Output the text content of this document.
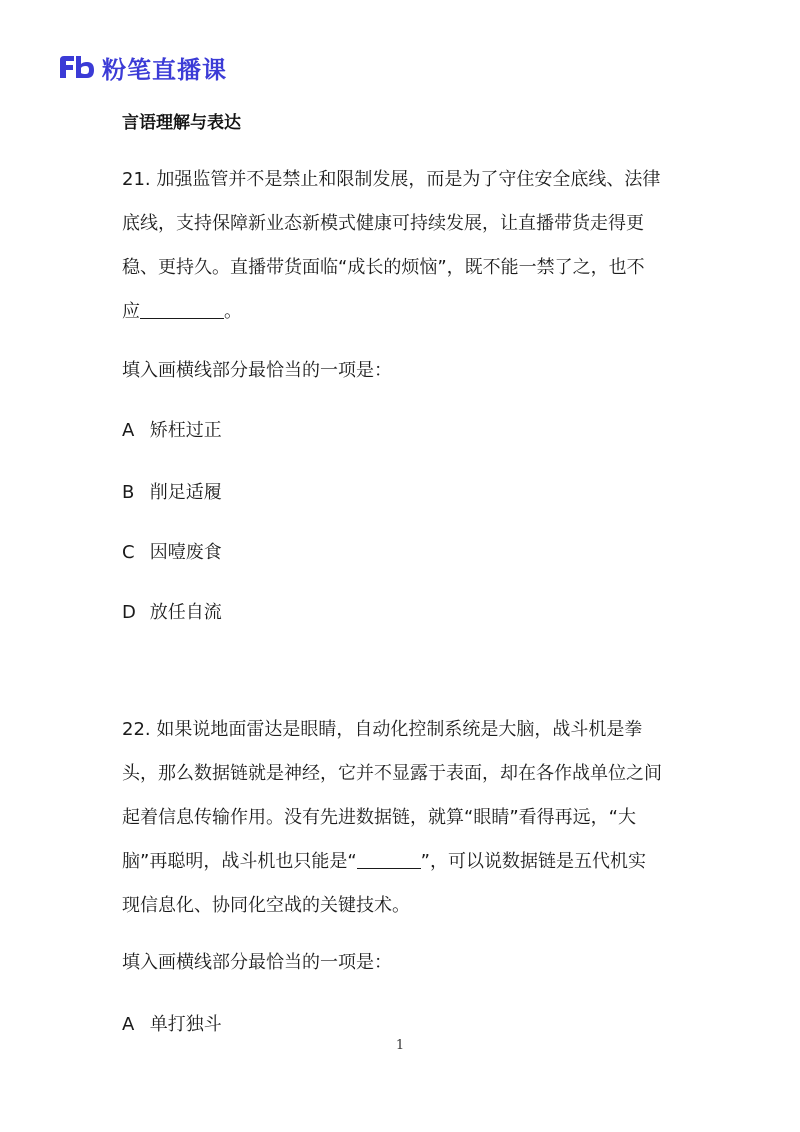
粉笔直播课
言语理解与表达

21. 加强监管并不是禁止和限制发展，而是为了守住安全底线、法律
底线，支持保障新业态新模式健康可持续发展，让直播带货走得更
稳、更持久。直播带货面临“成长的烦恼”，既不能一禁了之，也不
应	。

填入画横线部分最恰当的一项是：
A 矫枉过正
B 削足适履
C 因噎废食
D 放任自流

22. 如果说地面雷达是眼睛，自动化控制系统是大脑，战斗机是拳
头，那么数据链就是神经，它并不显露于表面，却在各作战单位之间
起着信息传输作用。没有先进数据链，就算“眼睛”看得再远，“大
脑”再聪明，战斗机也只能是“	”，可以说数据链是五代机实
现信息化、协同化空战的关键技术。

填入画横线部分最恰当的一项是：
A 单打独斗
1
